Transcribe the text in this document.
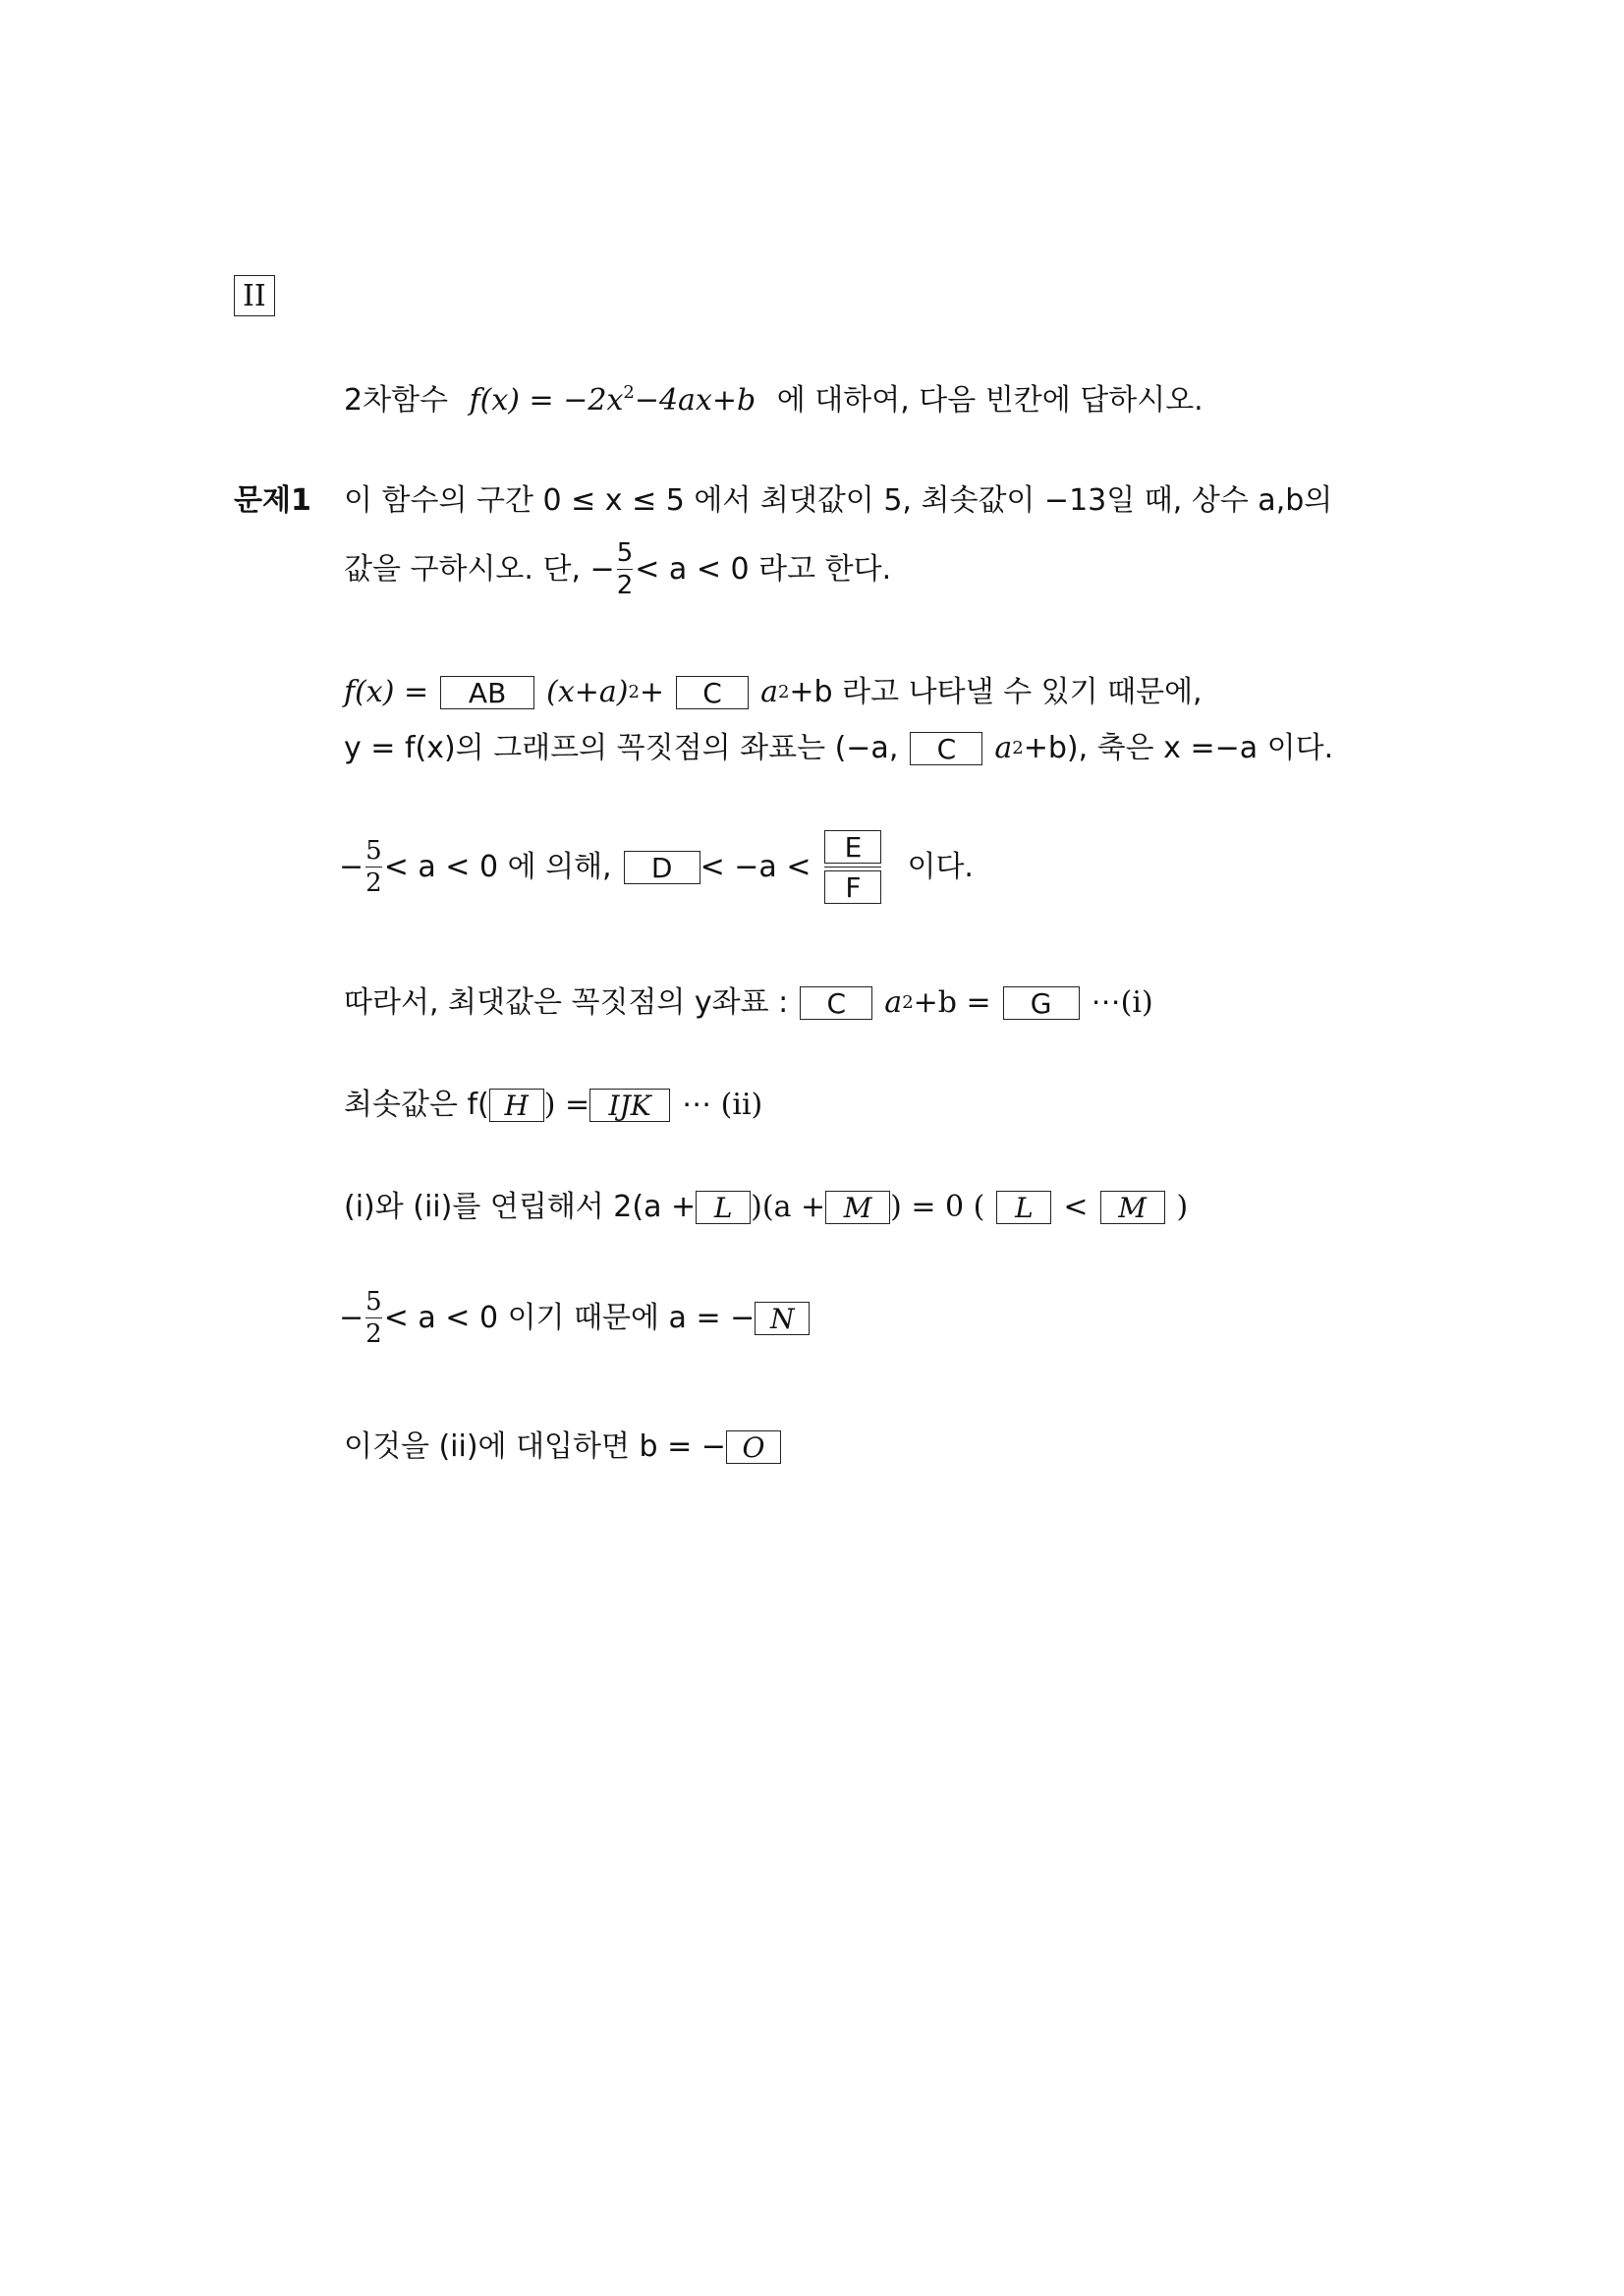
II
2차함수 $f(x) = -2x^2-4ax+b$ 에 대하여, 다음 빈칸에 답하시오.
문제1 이 함수의 구간 0 ≤ x ≤ 5 에서 최댓값이 5, 최솟값이 −13일 때, 상수 a,b의
값을 구하시오. 단, − $\frac{5}{2} < a < 0$ 라고 한다.
f(x) =	AB	(x+a) 2 +	C	a 2 +b 라고 나타낼 수 있기 때문에,
y = f(x)의 그래프의 꼭짓점의 좌표는 (−a,	C	a 2 +b), 축은 x =−a 이다.
− $\frac{5}{2} < a < 0$ 에 의해,	$D < -a < \frac{E}{F}$ 이다.
따라서, 최댓값은 꼭짓점의 y좌표 :	C	a 2 +b =	G	⋯(i)
최솟값은 f( H ) = IJK	⋯ (ii)
(i)와 (ii)를 연립해서 2(a + L )(a + M ) = 0 (	L	<	M	)
− $\frac{5}{2} < a < 0$ 이기 때문에 a = − N
이것을 (ii)에 대입하면 b = − O
